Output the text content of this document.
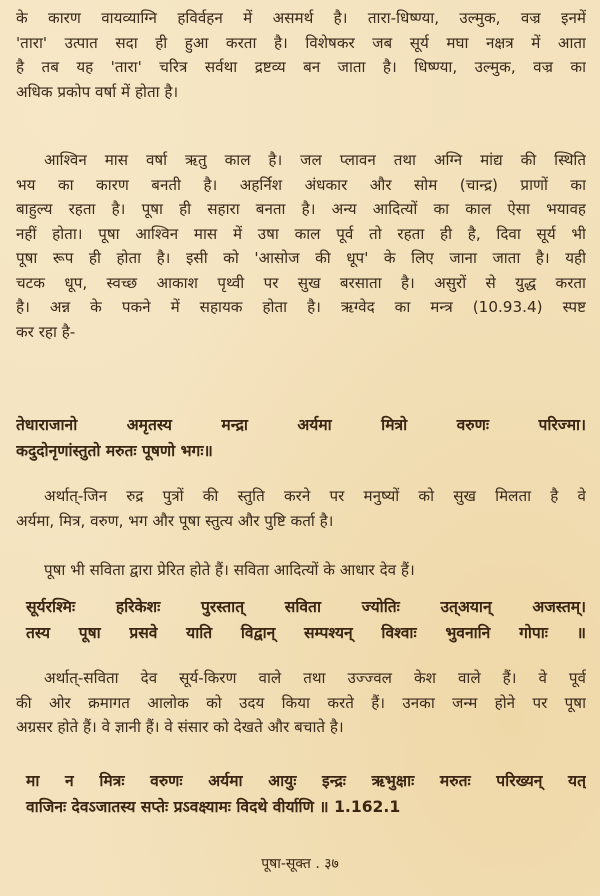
के कारण वायव्याग्नि हविर्वहन में असमर्थ है। तारा-धिष्ण्या, उल्मुक, वज्र इनमें
'तारा' उत्पात सदा ही हुआ करता है। विशेषकर जब सूर्य मघा नक्षत्र में आता
है तब यह 'तारा' चरित्र सर्वथा द्रष्टव्य बन जाता है। धिष्ण्या, उल्मुक, वज्र का
अधिक प्रकोप वर्षा में होता है।
आश्विन मास वर्षा ऋतु काल है। जल प्लावन तथा अग्नि मांद्य की स्थिति
भय का कारण बनती है। अहर्निश अंधकार और सोम (चान्द्र) प्राणों का
बाहुल्य रहता है। पूषा ही सहारा बनता है। अन्य आदित्यों का काल ऐसा भयावह
नहीं होता। पूषा आश्विन मास में उषा काल पूर्व तो रहता ही है, दिवा सूर्य भी
पूषा रूप ही होता है। इसी को 'आसोज की धूप' के लिए जाना जाता है। यही
चटक धूप, स्वच्छ आकाश पृथ्वी पर सुख बरसाता है। असुरों से युद्ध करता
है। अन्न के पकने में सहायक होता है। ऋग्वेद का मन्त्र (10.93.4) स्पष्ट
कर रहा है-
तेधाराजानो अमृतस्य मन्द्रा अर्यमा मित्रो वरुणः परिज्मा।
कदुदोनृणांस्तुतो मरुतः पूषणो भगः॥
अर्थात्-जिन रुद्र पुत्रों की स्तुति करने पर मनुष्यों को सुख मिलता है वे
अर्यमा, मित्र, वरुण, भग और पूषा स्तुत्य और पुष्टि कर्ता है।
पूषा भी सविता द्वारा प्रेरित होते हैं। सविता आदित्यों के आधार देव हैं।
सूर्यरश्मिः हरिकेशः पुरस्तात् सविता ज्योतिः उत्अयान् अजस्तम्।
तस्य पूषा प्रसवे याति विद्वान् सम्पश्यन् विश्वाः भुवनानि गोपाः ॥
अर्थात्-सविता देव सूर्य-किरण वाले तथा उज्ज्वल केश वाले हैं। वे पूर्व
की ओर क्रमागत आलोक को उदय किया करते हैं। उनका जन्म होने पर पूषा
अग्रसर होते हैं। वे ज्ञानी हैं। वे संसार को देखते और बचाते है।
मा न मित्रः वरुणः अर्यमा आयुः इन्द्रः ऋभुक्षाः मरुतः परिख्यन् यत्
वाजिनः देवऽजातस्य सप्तेः प्रऽवक्ष्यामः विदथे वीर्याणि ॥ 1.162.1
पूषा-सूक्त . ३७
